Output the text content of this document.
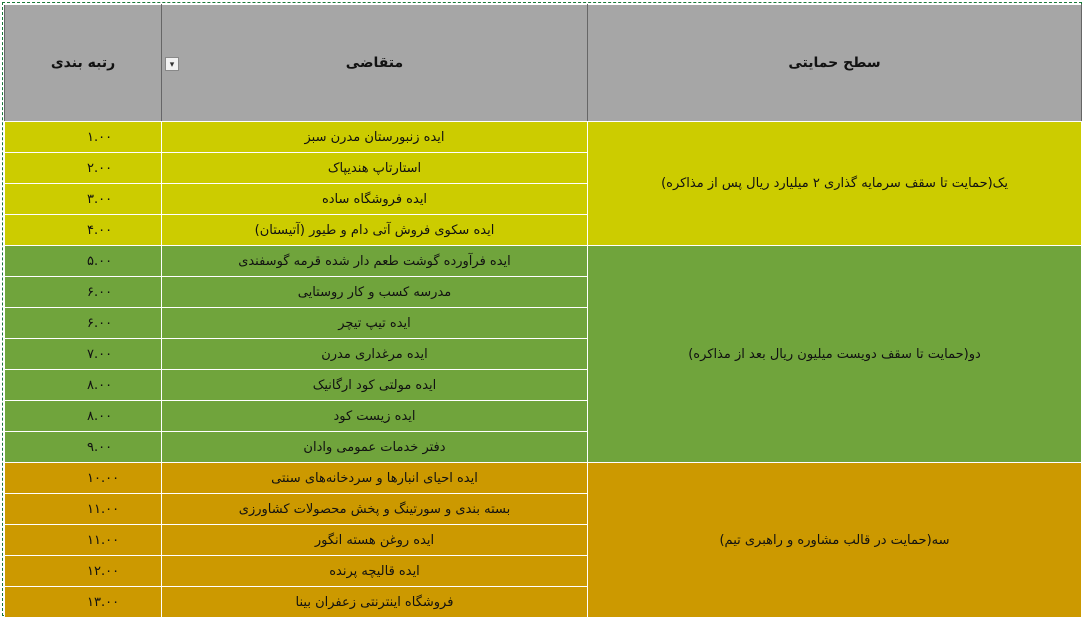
رتبه بندی	▾ متقاضی	سطح حمایتی
۱.۰۰	ایده زنبورستان مدرن سبز	یک(حمایت تا سقف سرمایه گذاری ۲ میلیارد ریال پس از مذاکره)
۲.۰۰	استارتاپ هندیپاک	
۳.۰۰	ایده فروشگاه ساده	
۴.۰۰	ایده سکوی فروش آتی دام و طیور (آتیستان)	
۵.۰۰	ایده فرآورده گوشت طعم دار شده قرمه گوسفندی	دو(حمایت تا سقف دویست میلیون ریال بعد از مذاکره)
۶.۰۰	مدرسه کسب و کار روستایی	
۶.۰۰	ایده تیپ تیچر	
۷.۰۰	ایده مرغداری مدرن	
۸.۰۰	ایده مولتی کود ارگانیک	
۸.۰۰	ایده زیست کود	
۹.۰۰	دفتر خدمات عمومی وادان	
۱۰.۰۰	ایده احیای انبارها و سردخانه‌های سنتی	سه(حمایت در قالب مشاوره و راهبری تیم)
۱۱.۰۰	بسته بندی و سورتینگ و پخش محصولات کشاورزی	
۱۱.۰۰	ایده روغن هسته انگور	
۱۲.۰۰	ایده قالیچه پرنده	
۱۳.۰۰	فروشگاه اینترنتی زعفران بینا	
